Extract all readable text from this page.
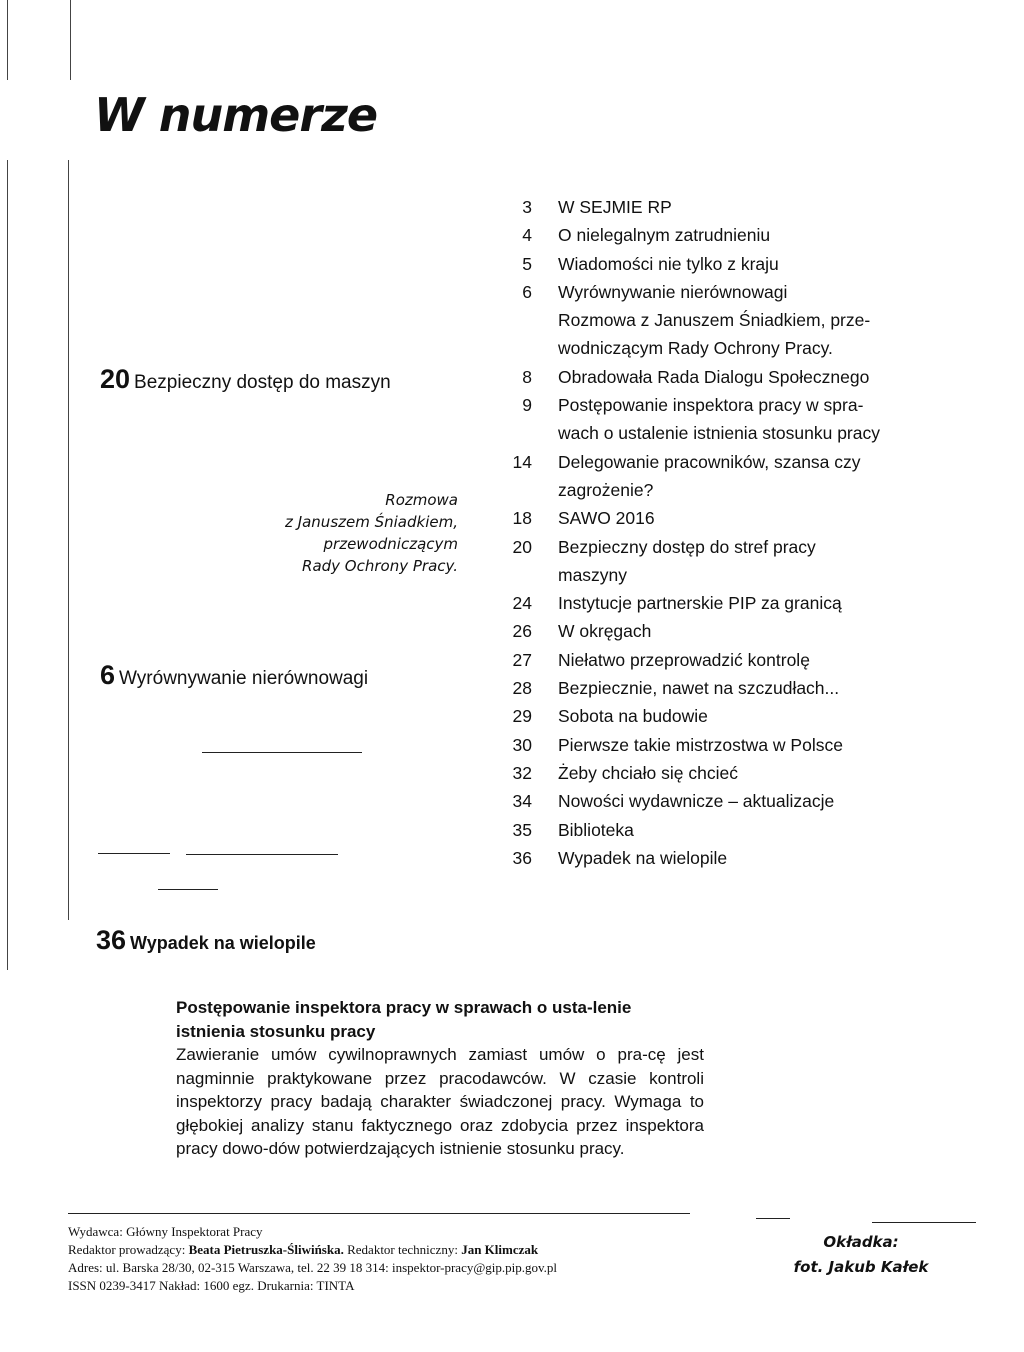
W numerze
20 Bezpieczny dostęp do maszyn
Rozmowa
z Januszem Śniadkiem,
przewodniczącym
Rady Ochrony Pracy.
6 Wyrównywanie nierównowagi
36 Wypadek na wielopile
3 W SEJMIE RP
4 O nielegalnym zatrudnieniu
5 Wiadomości nie tylko z kraju
6 Wyrównywanie nierównowagi
Rozmowa z Januszem Śniadkiem, prze-
wodniczącym Rady Ochrony Pracy.
8 Obradowała Rada Dialogu Społecznego
9 Postępowanie inspektora pracy w spra-
wach o ustalenie istnienia stosunku pracy
14 Delegowanie pracowników, szansa czy
zagrożenie?
18 SAWO 2016
20 Bezpieczny dostęp do stref pracy
maszyny
24 Instytucje partnerskie PIP za granicą
26 W okręgach
27 Niełatwo przeprowadzić kontrolę
28 Bezpiecznie, nawet na szczudłach...
29 Sobota na budowie
30 Pierwsze takie mistrzostwa w Polsce
32 Żeby chciało się chcieć
34 Nowości wydawnicze – aktualizacje
35 Biblioteka
36 Wypadek na wielopile
Postępowanie inspektora pracy w sprawach o usta-lenie istnienia stosunku pracy
Zawieranie umów cywilnoprawnych zamiast umów o pra-cę jest nagminnie praktykowane przez pracodawców. W czasie kontroli inspektorzy pracy badają charakter świadczonej pracy. Wymaga to głębokiej analizy stanu faktycznego oraz zdobycia przez inspektora pracy dowo-dów potwierdzających istnienie stosunku pracy.
Wydawca: Główny Inspektorat Pracy
Redaktor prowadzący: Beata Pietruszka-Śliwińska. Redaktor techniczny: Jan Klimczak
Adres: ul. Barska 28/30, 02-315 Warszawa, tel. 22 39 18 314: inspektor-pracy@gip.pip.gov.pl
ISSN 0239-3417 Nakład: 1600 egz. Drukarnia: TINTA
Okładka:
fot. Jakub Kałek
